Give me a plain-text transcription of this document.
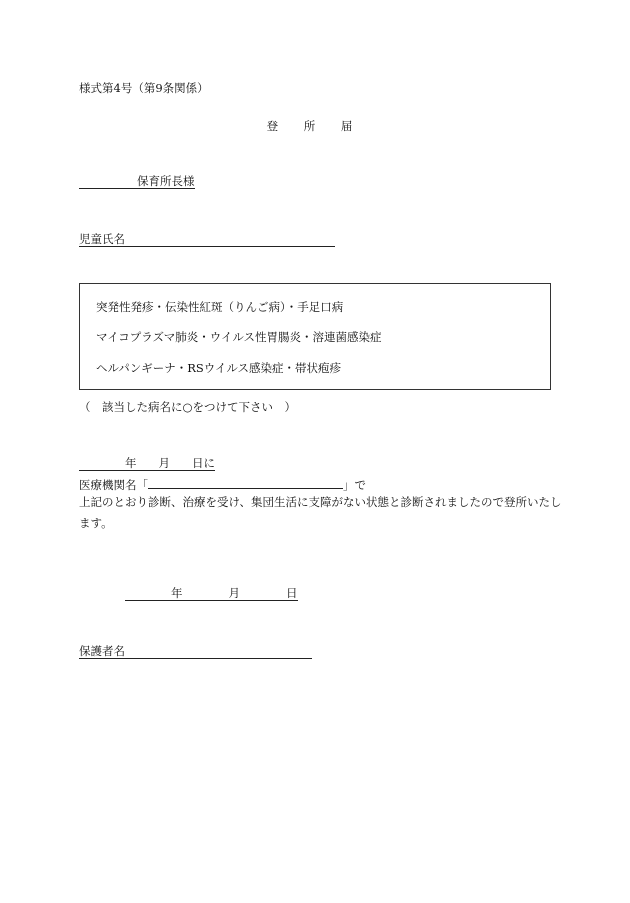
様式第4号（第9条関係）
登 所 届
保育所長様
児童氏名
突発性発疹・伝染性紅斑（りんご病）・手足口病
マイコプラズマ肺炎・ウイルス性胃腸炎・溶連菌感染症
ヘルパンギーナ・RSウイルス感染症・帯状疱疹
（　該当した病名に○をつけて下さい　）
年 月 日に
医療機関名「	」で
上記のとおり診断、治療を受け、集団生活に支障がない状態と診断されましたので登所いたします。
年	月	日
保護者名
